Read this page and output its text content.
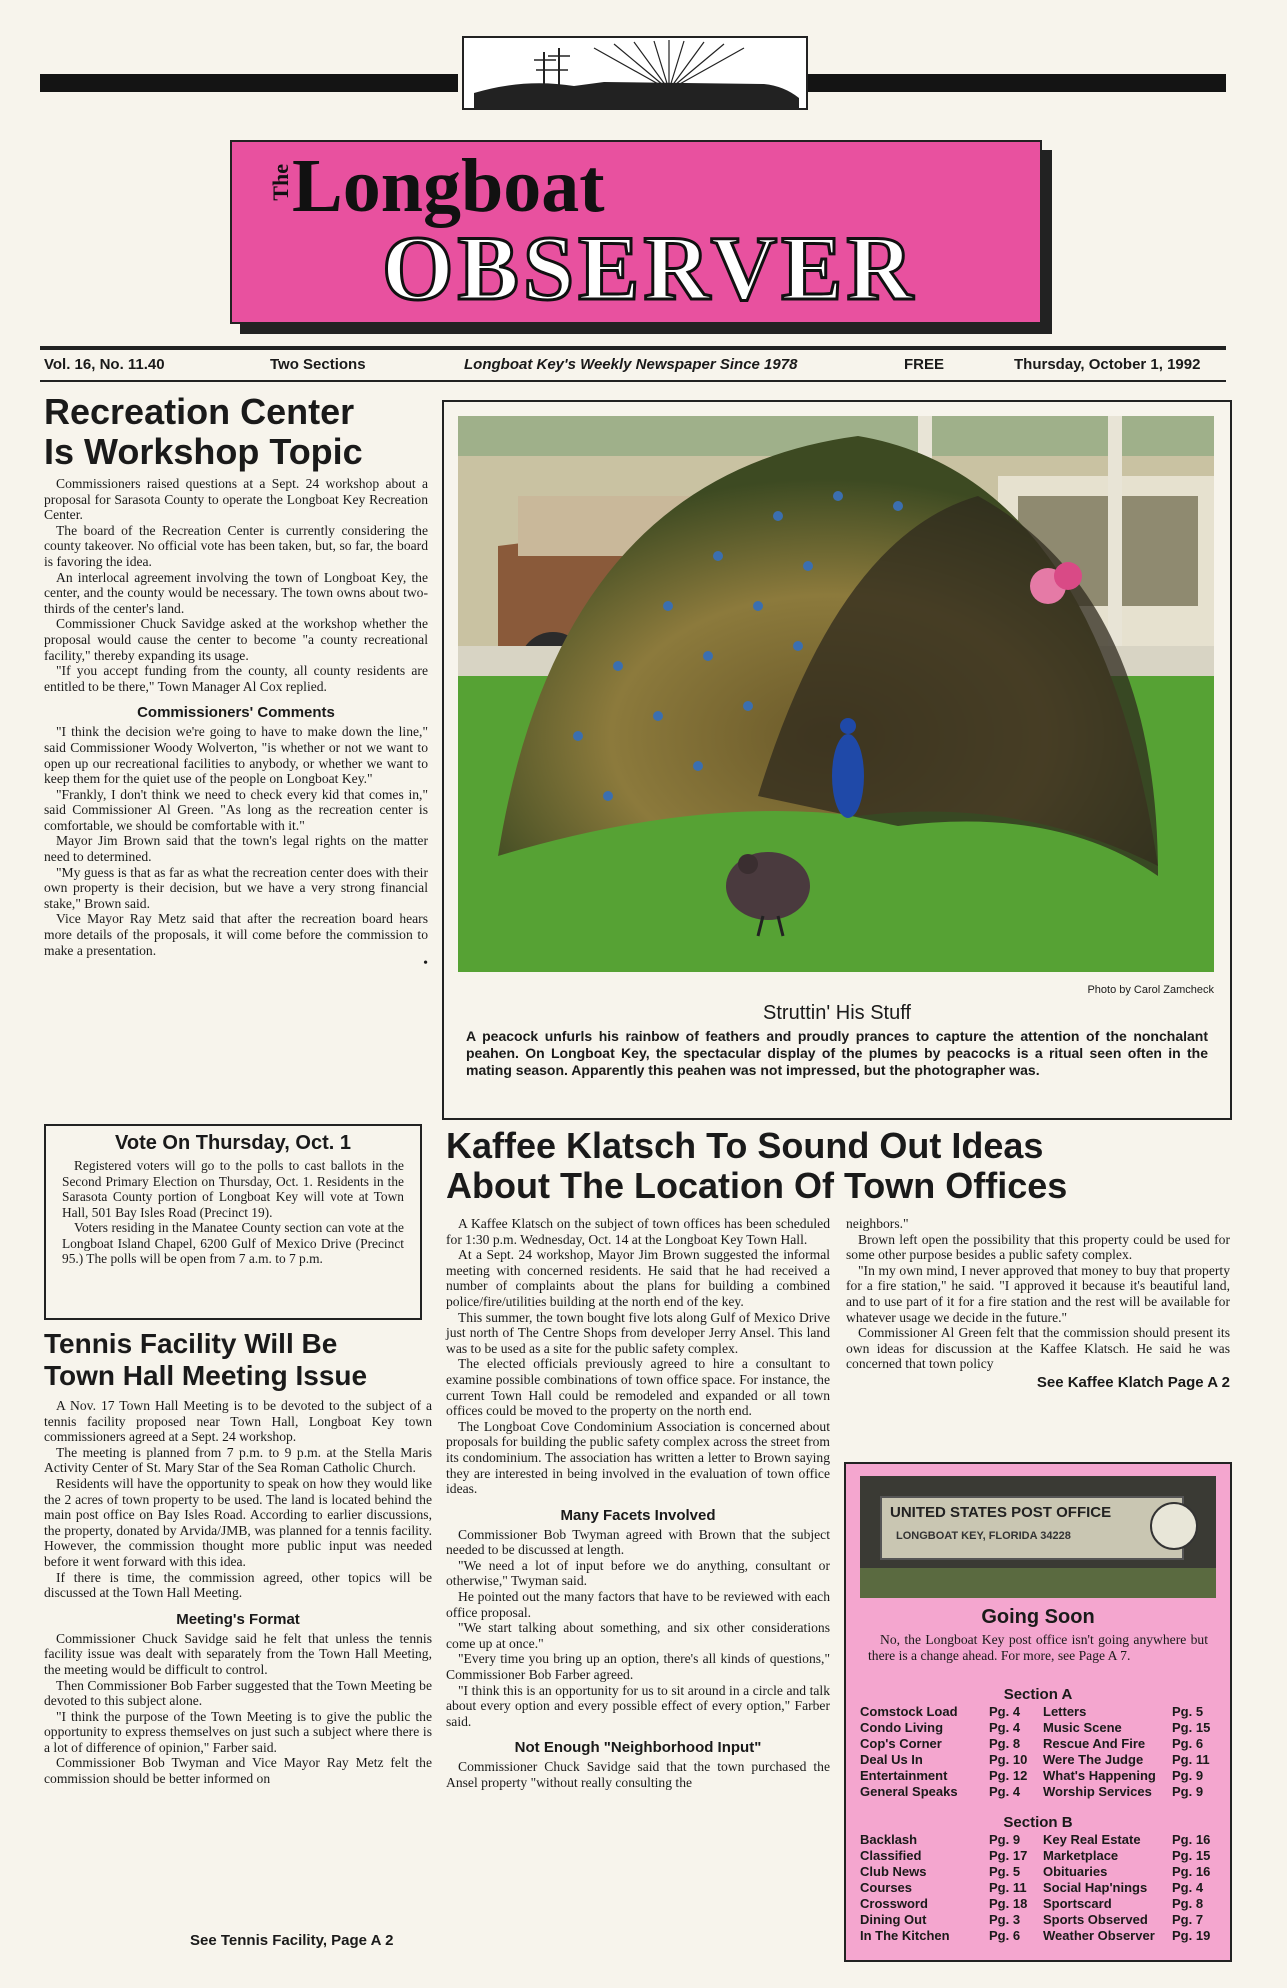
The Longboat
OBSERVER
Vol. 16, No. 11.40	Two Sections	Longboat Key's Weekly Newspaper Since 1978	FREE	Thursday, October 1, 1992
Recreation Center
Is Workshop Topic

Commissioners raised questions at a Sept. 24 workshop about a proposal for Sarasota County to operate the Longboat Key Recreation Center.

The board of the Recreation Center is currently considering the county takeover. No official vote has been taken, but, so far, the board is favoring the idea.

An interlocal agreement involving the town of Longboat Key, the center, and the county would be necessary. The town owns about two-thirds of the center's land.

Commissioner Chuck Savidge asked at the workshop whether the proposal would cause the center to become "a county recreational facility," thereby expanding its usage.

"If you accept funding from the county, all county residents are entitled to be there," Town Manager Al Cox replied.

Commissioners' Comments

"I think the decision we're going to have to make down the line," said Commissioner Woody Wolverton, "is whether or not we want to open up our recreational facilities to anybody, or whether we want to keep them for the quiet use of the people on Longboat Key."

"Frankly, I don't think we need to check every kid that comes in," said Commissioner Al Green. "As long as the recreation center is comfortable, we should be comfortable with it."

Mayor Jim Brown said that the town's legal rights on the matter need to determined.

"My guess is that as far as what the recreation center does with their own property is their decision, but we have a very strong financial stake," Brown said.

Vice Mayor Ray Metz said that after the recreation board hears more details of the proposals, it will come before the commission to make a presentation.

•
Photo by Carol Zamcheck
Struttin' His Stuff
A peacock unfurls his rainbow of feathers and proudly prances to capture the attention of the nonchalant peahen. On Longboat Key, the spectacular display of the plumes by peacocks is a ritual seen often in the mating season. Apparently this peahen was not impressed, but the photographer was.
Vote On Thursday, Oct. 1

Registered voters will go to the polls to cast ballots in the Second Primary Election on Thursday, Oct. 1. Residents in the Sarasota County portion of Longboat Key will vote at Town Hall, 501 Bay Isles Road (Precinct 19).

Voters residing in the Manatee County section can vote at the Longboat Island Chapel, 6200 Gulf of Mexico Drive (Precinct 95.) The polls will be open from 7 a.m. to 7 p.m.

Tennis Facility Will Be
Town Hall Meeting Issue

A Nov. 17 Town Hall Meeting is to be devoted to the subject of a tennis facility proposed near Town Hall, Longboat Key town commissioners agreed at a Sept. 24 workshop.

The meeting is planned from 7 p.m. to 9 p.m. at the Stella Maris Activity Center of St. Mary Star of the Sea Roman Catholic Church.

Residents will have the opportunity to speak on how they would like the 2 acres of town property to be used. The land is located behind the main post office on Bay Isles Road. According to earlier discussions, the property, donated by Arvida/JMB, was planned for a tennis facility. However, the commission thought more public input was needed before it went forward with this idea.

If there is time, the commission agreed, other topics will be discussed at the Town Hall Meeting.

Meeting's Format

Commissioner Chuck Savidge said he felt that unless the tennis facility issue was dealt with separately from the Town Hall Meeting, the meeting would be difficult to control.

Then Commissioner Bob Farber suggested that the Town Meeting be devoted to this subject alone.

"I think the purpose of the Town Meeting is to give the public the opportunity to express themselves on just such a subject where there is a lot of difference of opinion," Farber said.

Commissioner Bob Twyman and Vice Mayor Ray Metz felt the commission should be better informed on

See Tennis Facility, Page A 2
Kaffee Klatsch To Sound Out Ideas
About The Location Of Town Offices

A Kaffee Klatsch on the subject of town offices has been scheduled for 1:30 p.m. Wednesday, Oct. 14 at the Longboat Key Town Hall.

At a Sept. 24 workshop, Mayor Jim Brown suggested the informal meeting with concerned residents. He said that he had received a number of complaints about the plans for building a combined police/fire/utilities building at the north end of the key.

This summer, the town bought five lots along Gulf of Mexico Drive just north of The Centre Shops from developer Jerry Ansel. This land was to be used as a site for the public safety complex.

The elected officials previously agreed to hire a consultant to examine possible combinations of town office space. For instance, the current Town Hall could be remodeled and expanded or all town offices could be moved to the property on the north end.

The Longboat Cove Condominium Association is concerned about proposals for building the public safety complex across the street from its condominium. The association has written a letter to Brown saying they are interested in being involved in the evaluation of town office ideas.

Many Facets Involved

Commissioner Bob Twyman agreed with Brown that the subject needed to be discussed at length.

"We need a lot of input before we do anything, consultant or otherwise," Twyman said.

He pointed out the many factors that have to be reviewed with each office proposal.

"We start talking about something, and six other considerations come up at once."

"Every time you bring up an option, there's all kinds of questions," Commissioner Bob Farber agreed.

"I think this is an opportunity for us to sit around in a circle and talk about every option and every possible effect of every option," Farber said.

Not Enough "Neighborhood Input"

Commissioner Chuck Savidge said that the town purchased the Ansel property "without really consulting the

neighbors."

Brown left open the possibility that this property could be used for some other purpose besides a public safety complex.

"In my own mind, I never approved that money to buy that property for a fire station," he said. "I approved it because it's beautiful land, and to use part of it for a fire station and the rest will be available for whatever usage we decide in the future."

Commissioner Al Green felt that the commission should present its own ideas for discussion at the Kaffee Klatsch. He said he was concerned that town policy

See Kaffee Klatch Page A 2
UNITED STATES POST OFFICE
LONGBOAT KEY, FLORIDA 34228
Going Soon
No, the Longboat Key post office isn't going anywhere but there is a change ahead. For more, see Page A 7.
Section A
Comstock Load	Pg. 4	Letters	Pg. 5
Condo Living	Pg. 4	Music Scene	Pg. 15
Cop's Corner	Pg. 8	Rescue And Fire	Pg. 6
Deal Us In	Pg. 10	Were The Judge	Pg. 11
Entertainment	Pg. 12	What's Happening	Pg. 9
General Speaks	Pg. 4	Worship Services	Pg. 9
Section B
Backlash	Pg. 9	Key Real Estate	Pg. 16
Classified	Pg. 17	Marketplace	Pg. 15
Club News	Pg. 5	Obituaries	Pg. 16
Courses	Pg. 11	Social Hap'nings	Pg. 4
Crossword	Pg. 18	Sportscard	Pg. 8
Dining Out	Pg. 3	Sports Observed	Pg. 7
In The Kitchen	Pg. 6	Weather Observer	Pg. 19
